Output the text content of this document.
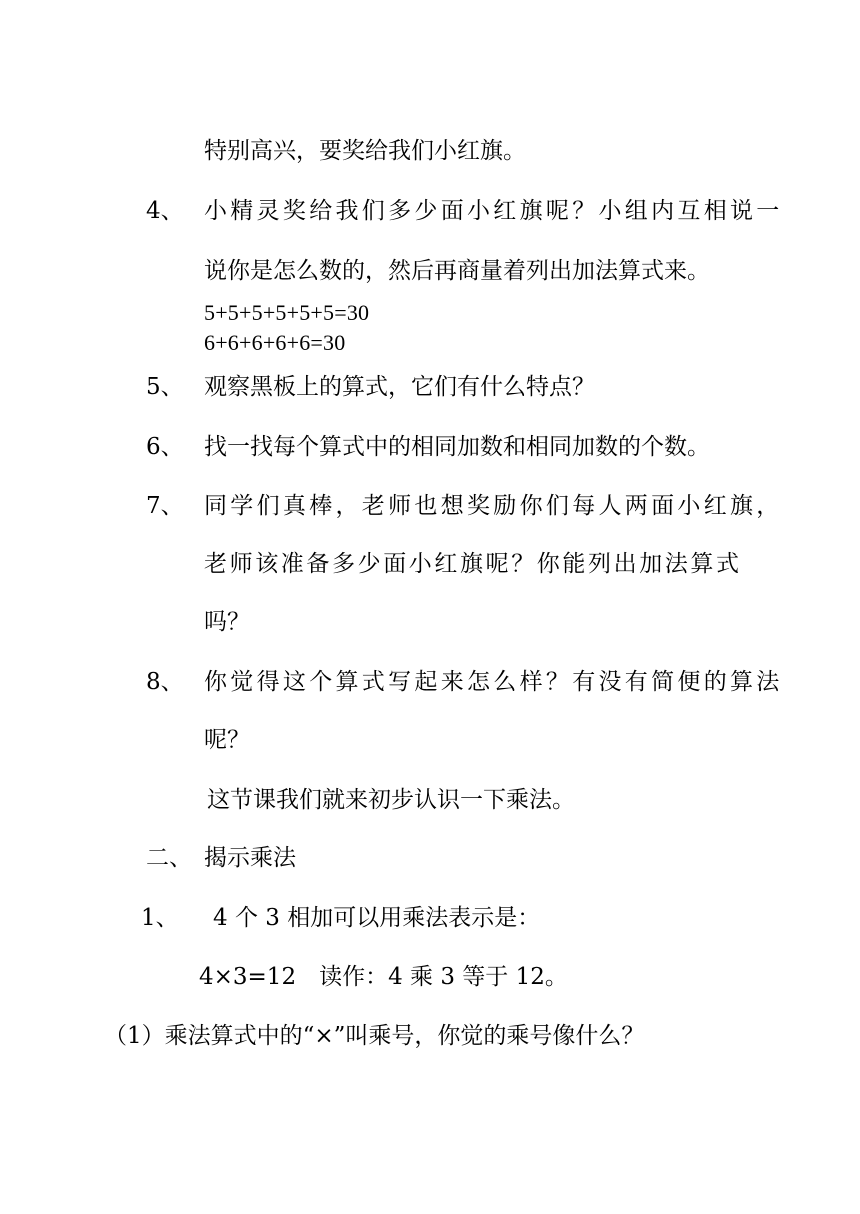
特别高兴，要奖给我们小红旗。
4、 小精灵奖给我们多少面小红旗呢？小组内互相说一
说你是怎么数的，然后再商量着列出加法算式来。
5+5+5+5+5+5=30
6+6+6+6+6=30
5、 观察黑板上的算式，它们有什么特点？
6、 找一找每个算式中的相同加数和相同加数的个数。
7、 同学们真棒，老师也想奖励你们每人两面小红旗，
老师该准备多少面小红旗呢？你能列出加法算式
吗？
8、 你觉得这个算式写起来怎么样？有没有简便的算法
呢？
这节课我们就来初步认识一下乘法。
二、 揭示乘法
1、 4 个 3 相加可以用乘法表示是：
4×3=12　读作：4 乘 3 等于 12。
（1）乘法算式中的“×”叫乘号，你觉的乘号像什么？
